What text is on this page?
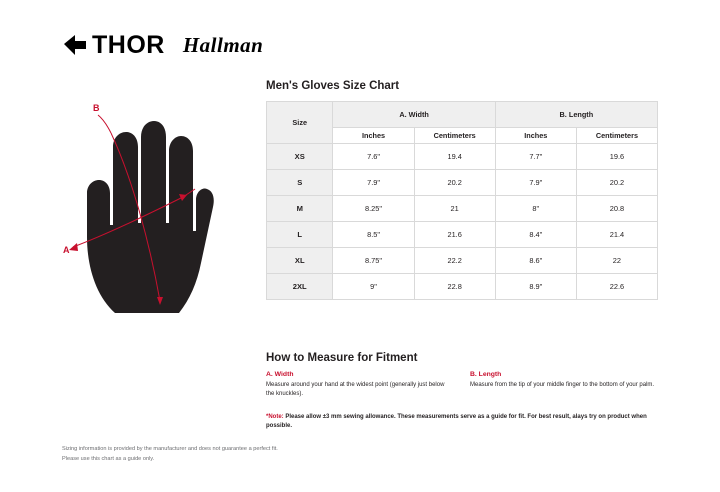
THOR Hallman
B
A
Men's Gloves Size Chart
Size	A. Width		B. Length	
	Inches	Centimeters	Inches	Centimeters
XS	7.6"	19.4	7.7"	19.6
S	7.9"	20.2	7.9"	20.2
M	8.25"	21	8"	20.8
L	8.5"	21.6	8.4"	21.4
XL	8.75"	22.2	8.6"	22
2XL	9"	22.8	8.9"	22.6
How to Measure for Fitment
A. Width
Measure around your hand at the widest point (generally just below the knuckles).
B. Length
Measure from the tip of your middle finger to the bottom of your palm.
*Note: Please allow ±3 mm sewing allowance. These measurements serve as a guide for fit. For best result, alays try on product when possible.
Sizing information is provided by the manufacturer and does not guarantee a perfect fit.
Please use this chart as a guide only.
